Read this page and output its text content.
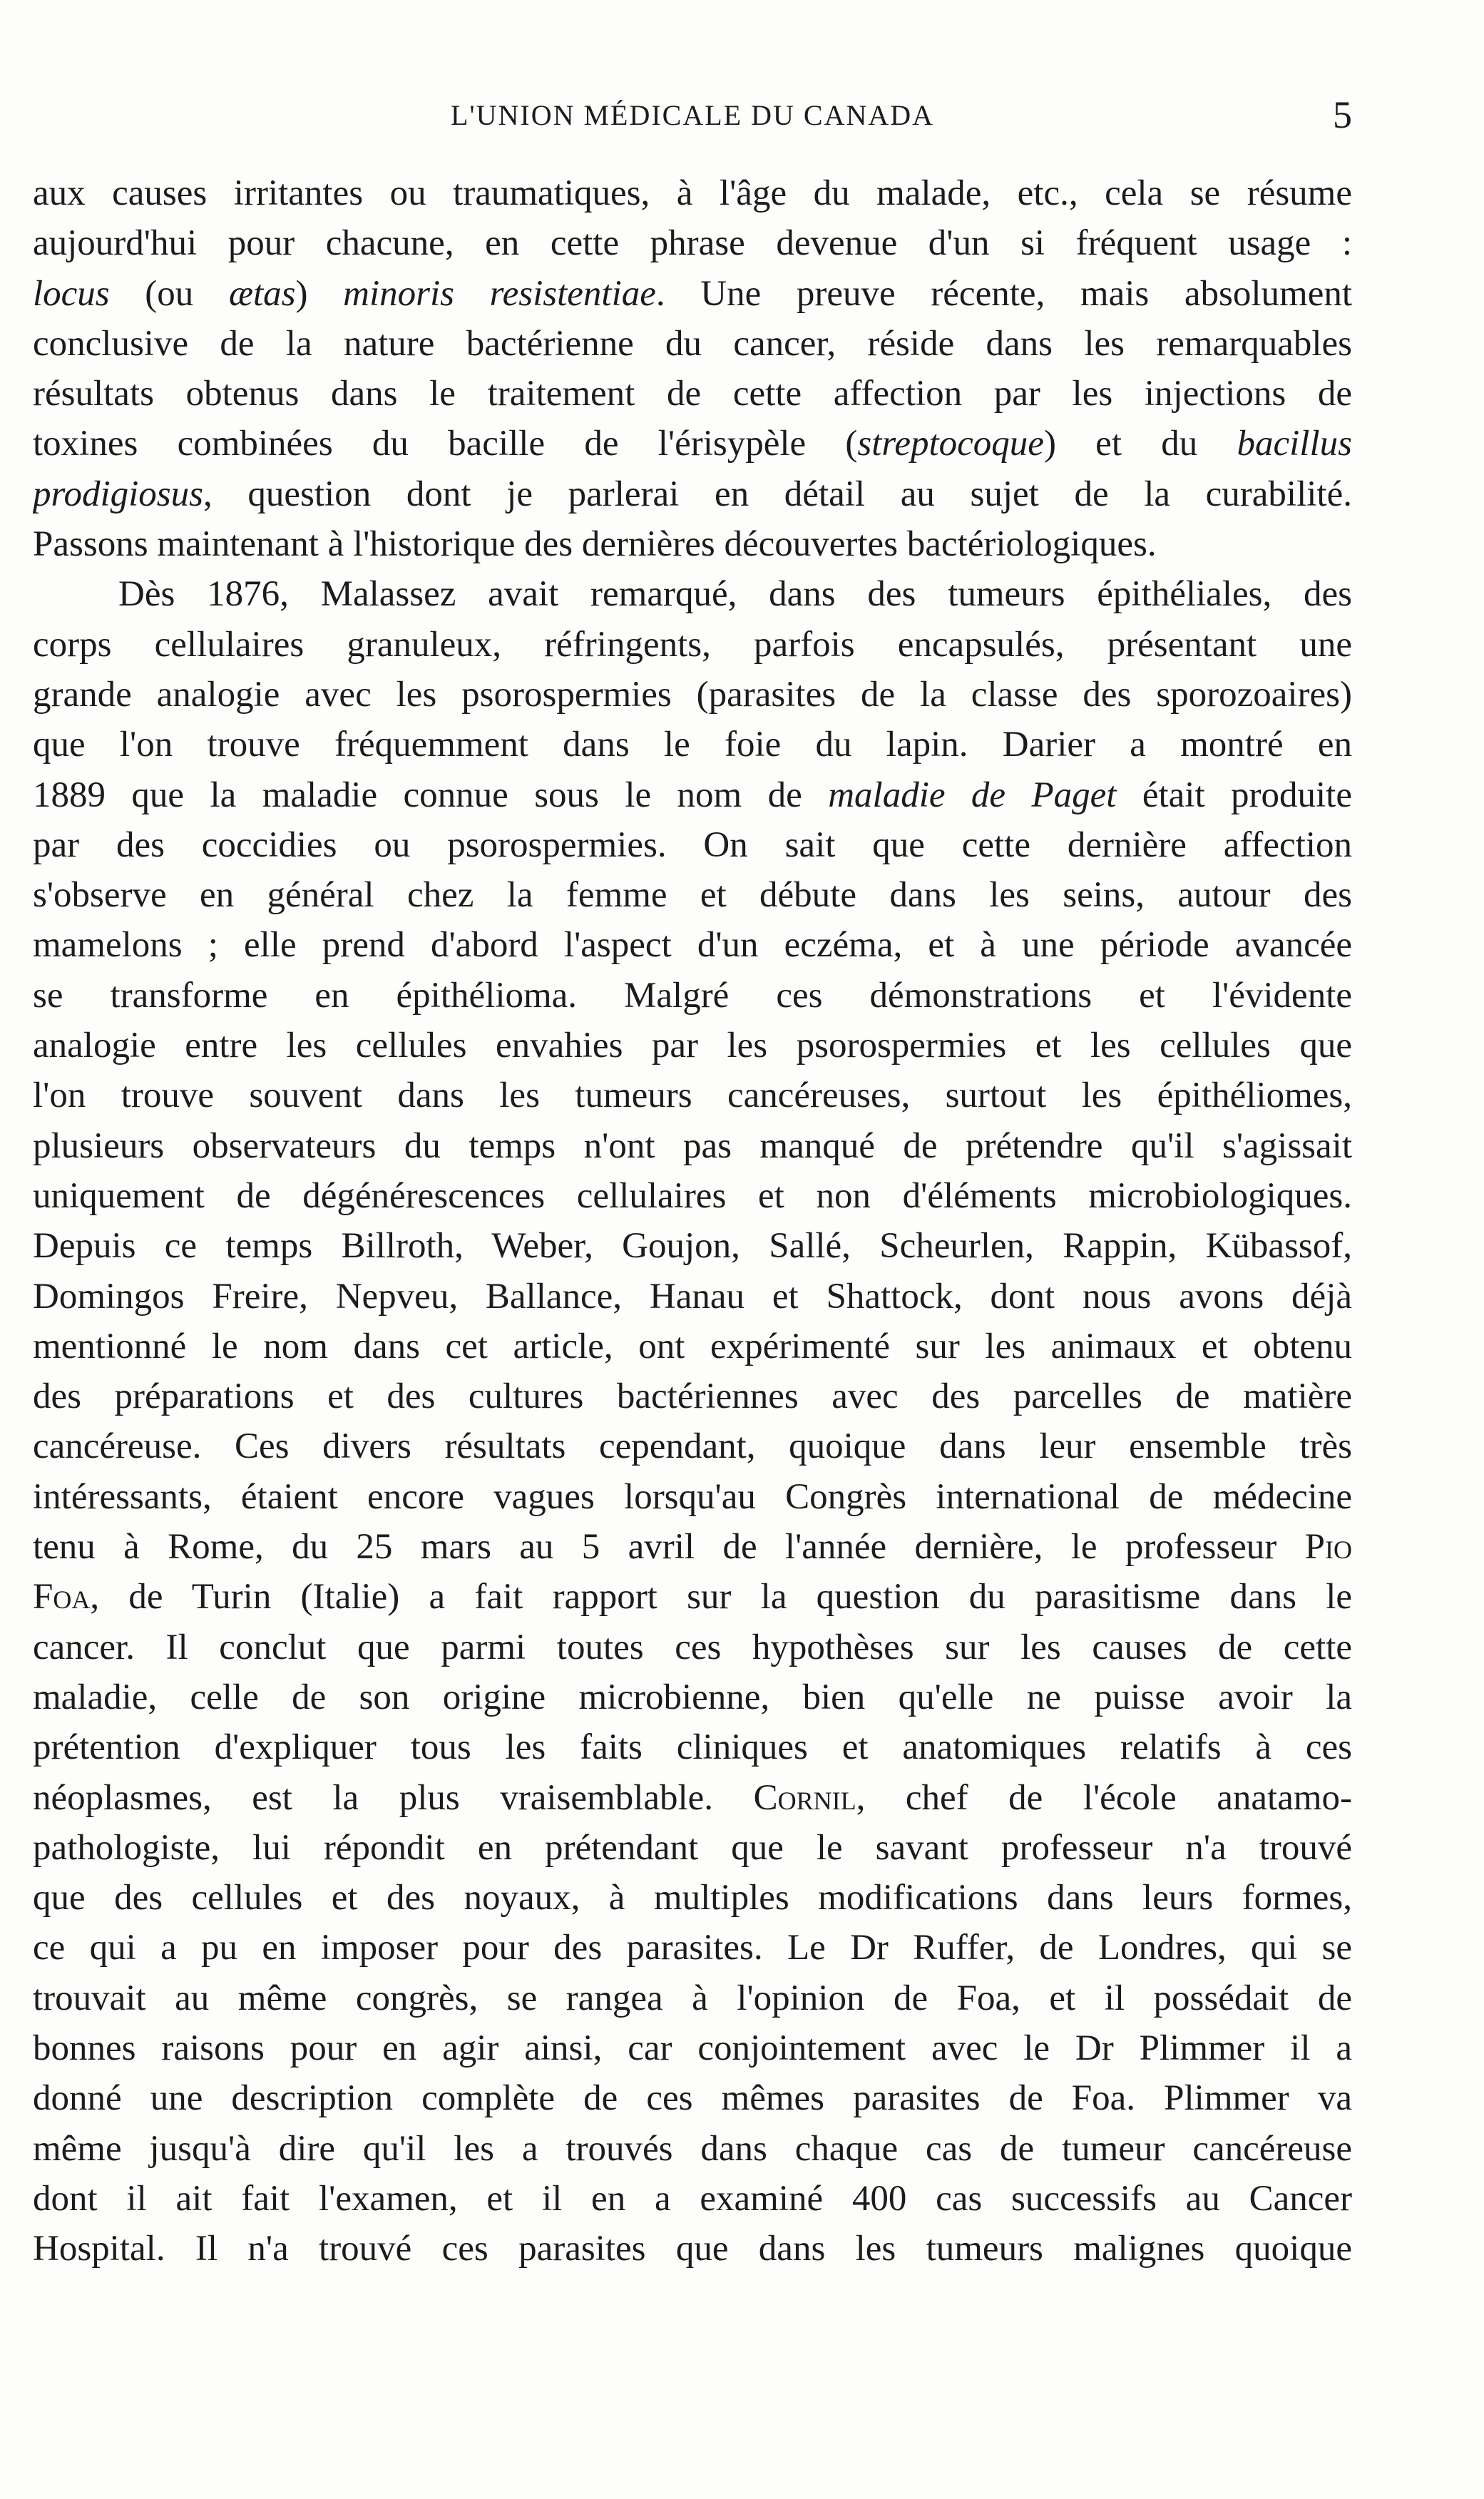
L'UNION MÉDICALE DU CANADA	5
aux causes irritantes ou traumatiques, à l'âge du malade, etc., cela se résume
aujourd'hui pour chacune, en cette phrase devenue d'un si fréquent usage :
locus (ou ætas) minoris resistentiae. Une preuve récente, mais absolument
conclusive de la nature bactérienne du cancer, réside dans les remarquables
résultats obtenus dans le traitement de cette affection par les injections de
toxines combinées du bacille de l'érisypèle (streptocoque) et du bacillus
prodigiosus, question dont je parlerai en détail au sujet de la curabilité.
Passons maintenant à l'historique des dernières découvertes bactériologiques.
Dès 1876, Malassez avait remarqué, dans des tumeurs épithéliales, des
corps cellulaires granuleux, réfringents, parfois encapsulés, présentant une
grande analogie avec les psorospermies (parasites de la classe des sporozoaires)
que l'on trouve fréquemment dans le foie du lapin. Darier a montré en
1889 que la maladie connue sous le nom de maladie de Paget était produite
par des coccidies ou psorospermies. On sait que cette dernière affection
s'observe en général chez la femme et débute dans les seins, autour des
mamelons ; elle prend d'abord l'aspect d'un eczéma, et à une période avancée
se transforme en épithélioma. Malgré ces démonstrations et l'évidente
analogie entre les cellules envahies par les psorospermies et les cellules que
l'on trouve souvent dans les tumeurs cancéreuses, surtout les épithéliomes,
plusieurs observateurs du temps n'ont pas manqué de prétendre qu'il s'agissait
uniquement de dégénérescences cellulaires et non d'éléments microbiologiques.
Depuis ce temps Billroth, Weber, Goujon, Sallé, Scheurlen, Rappin, Kübassof,
Domingos Freire, Nepveu, Ballance, Hanau et Shattock, dont nous avons déjà
mentionné le nom dans cet article, ont expérimenté sur les animaux et obtenu
des préparations et des cultures bactériennes avec des parcelles de matière
cancéreuse. Ces divers résultats cependant, quoique dans leur ensemble très
intéressants, étaient encore vagues lorsqu'au Congrès international de médecine
tenu à Rome, du 25 mars au 5 avril de l'année dernière, le professeur Pio
Foa, de Turin (Italie) a fait rapport sur la question du parasitisme dans le
cancer. Il conclut que parmi toutes ces hypothèses sur les causes de cette
maladie, celle de son origine microbienne, bien qu'elle ne puisse avoir la
prétention d'expliquer tous les faits cliniques et anatomiques relatifs à ces
néoplasmes, est la plus vraisemblable. Cornil, chef de l'école anatamo-
pathologiste, lui répondit en prétendant que le savant professeur n'a trouvé
que des cellules et des noyaux, à multiples modifications dans leurs formes,
ce qui a pu en imposer pour des parasites. Le Dr Ruffer, de Londres, qui se
trouvait au même congrès, se rangea à l'opinion de Foa, et il possédait de
bonnes raisons pour en agir ainsi, car conjointement avec le Dr Plimmer il a
donné une description complète de ces mêmes parasites de Foa. Plimmer va
même jusqu'à dire qu'il les a trouvés dans chaque cas de tumeur cancéreuse
dont il ait fait l'examen, et il en a examiné 400 cas successifs au Cancer
Hospital. Il n'a trouvé ces parasites que dans les tumeurs malignes quoique
